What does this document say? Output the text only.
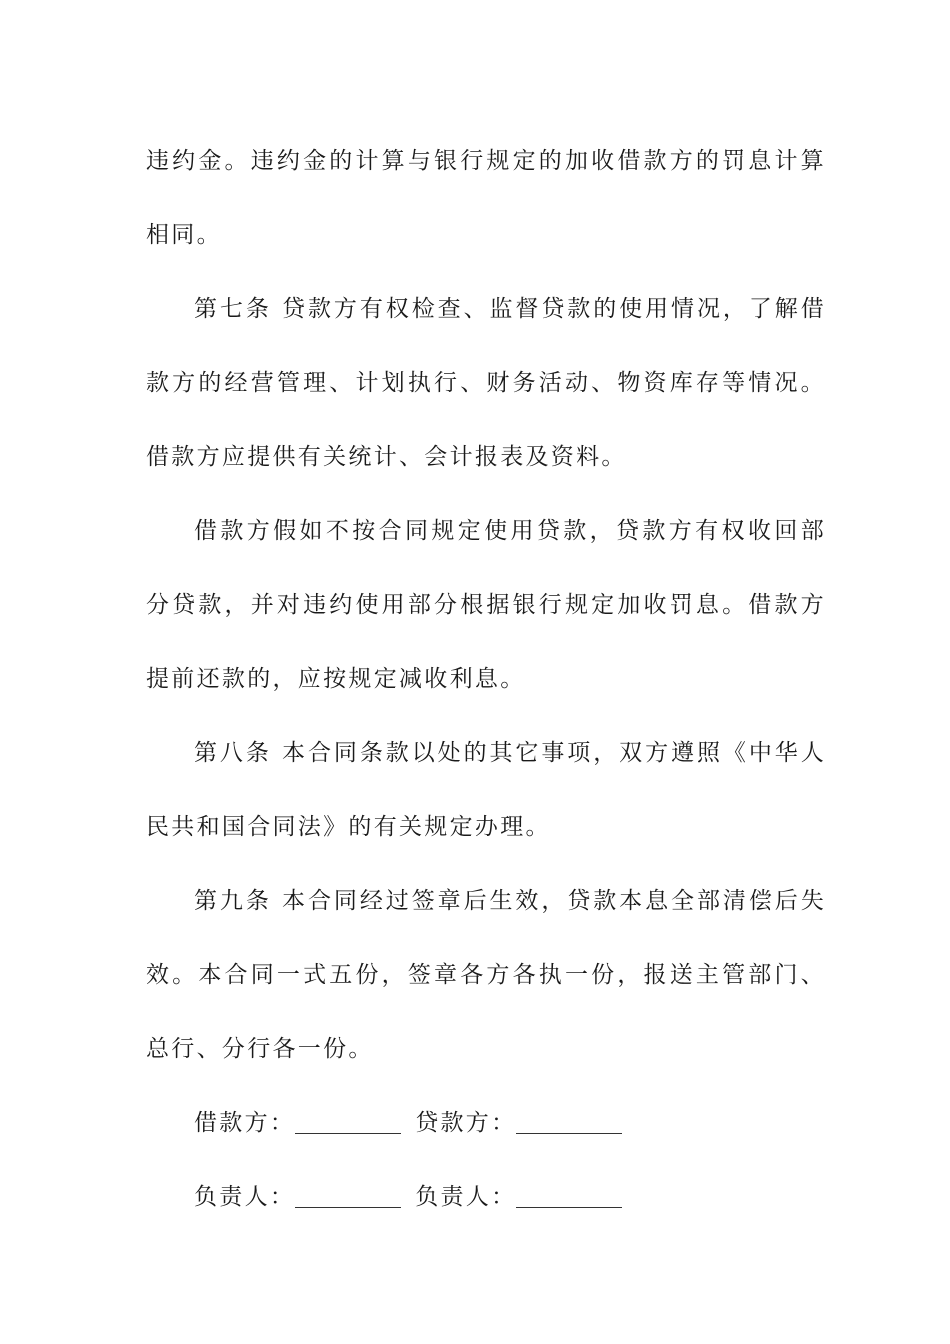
违约金。违约金的计算与银行规定的加收借款方的罚息计算相同。

第七条 贷款方有权检查、监督贷款的使用情况，了解借款方的经营管理、计划执行、财务活动、物资库存等情况。借款方应提供有关统计、会计报表及资料。

借款方假如不按合同规定使用贷款，贷款方有权收回部分贷款，并对违约使用部分根据银行规定加收罚息。借款方提前还款的，应按规定减收利息。

第八条 本合同条款以处的其它事项，双方遵照《中华人民共和国合同法》的有关规定办理。

第九条 本合同经过签章后生效，贷款本息全部清偿后失效。本合同一式五份，签章各方各执一份，报送主管部门、总行、分行各一份。

借款方：	贷款方：

负责人：	负责人：
